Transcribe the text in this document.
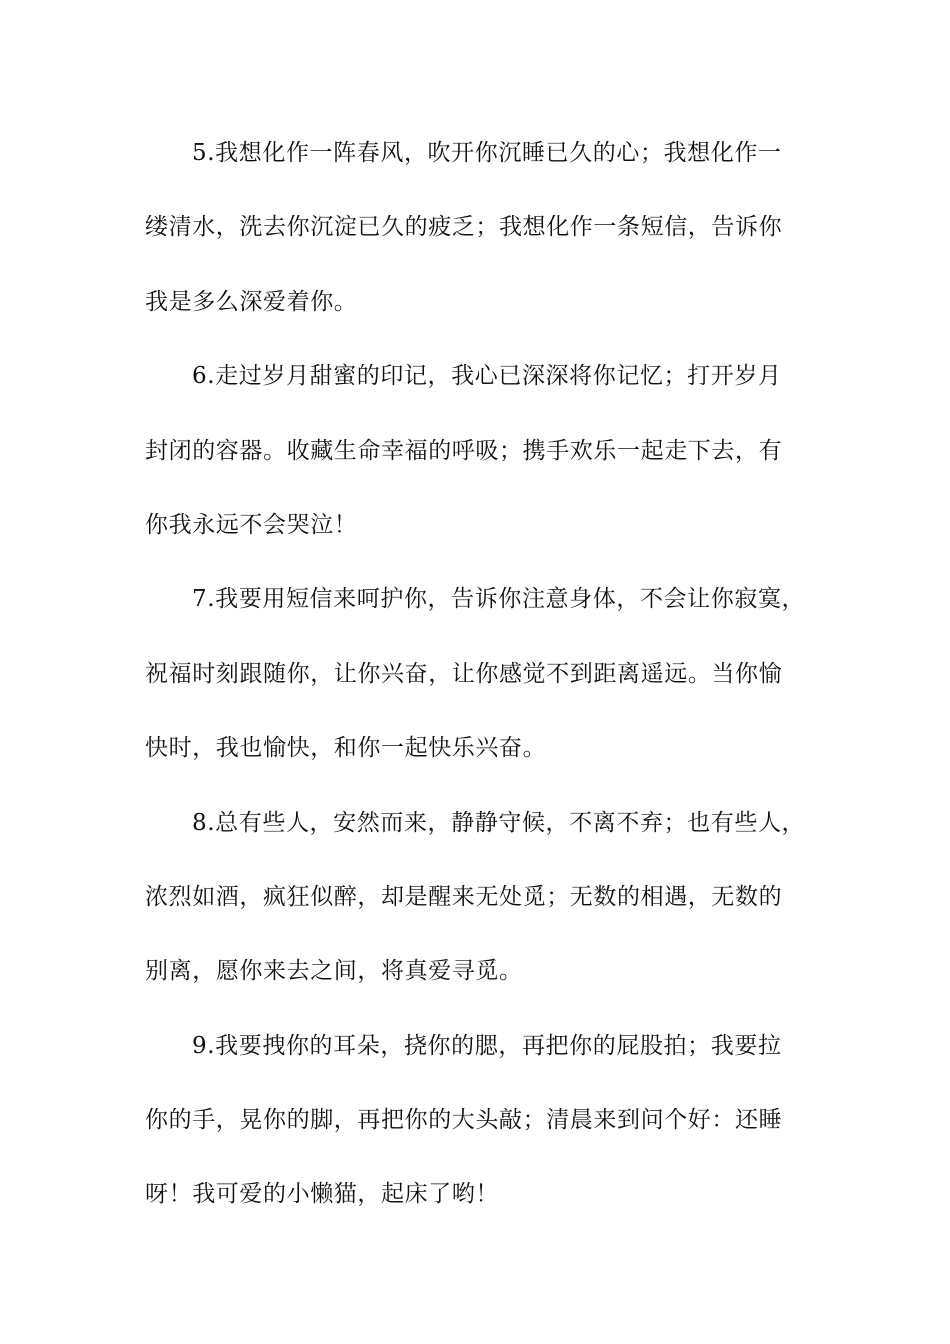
5.我想化作一阵春风，吹开你沉睡已久的心；我想化作一
缕清水，洗去你沉淀已久的疲乏；我想化作一条短信，告诉你
我是多么深爱着你。
6.走过岁月甜蜜的印记，我心已深深将你记忆；打开岁月
封闭的容器。收藏生命幸福的呼吸；携手欢乐一起走下去，有
你我永远不会哭泣！
7.我要用短信来呵护你，告诉你注意身体，不会让你寂寞，
祝福时刻跟随你，让你兴奋，让你感觉不到距离遥远。当你愉
快时，我也愉快，和你一起快乐兴奋。
8.总有些人，安然而来，静静守候，不离不弃；也有些人，
浓烈如酒，疯狂似醉，却是醒来无处觅；无数的相遇，无数的
别离，愿你来去之间，将真爱寻觅。
9.我要拽你的耳朵，挠你的腮，再把你的屁股拍；我要拉
你的手，晃你的脚，再把你的大头敲；清晨来到问个好：还睡
呀！我可爱的小懒猫，起床了哟！
